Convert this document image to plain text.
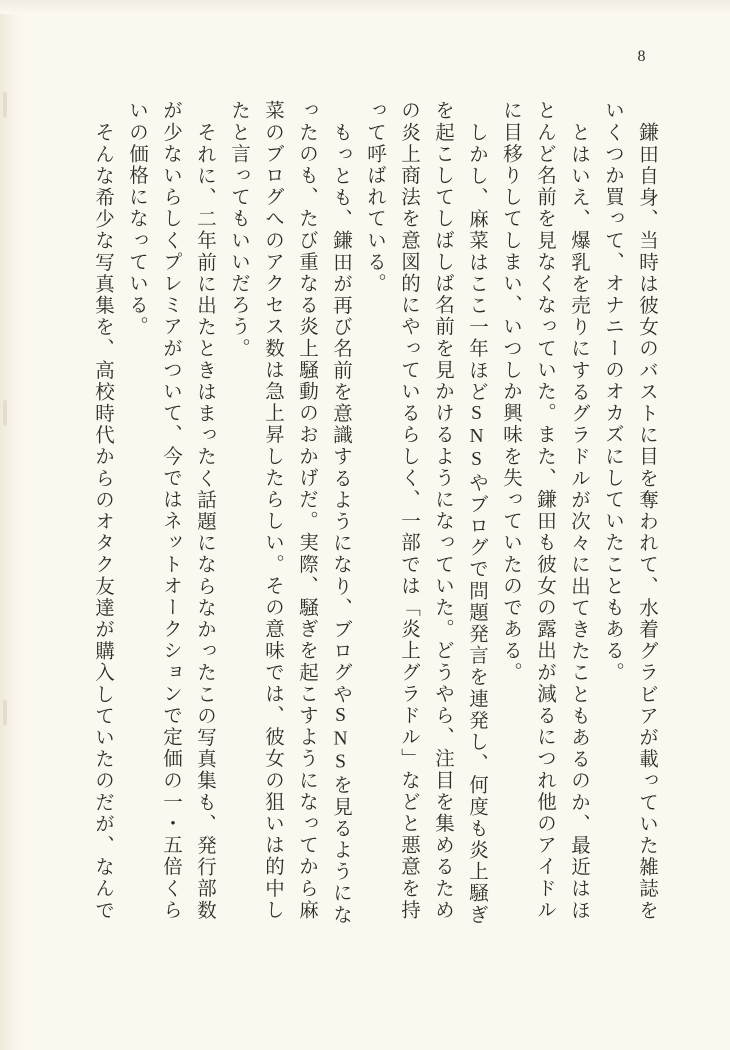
8
鎌田自身、当時は彼女のバストに目を奪われて、水着グラビアが載っていた雑誌を
いくつか買って、オナニーのオカズにしていたこともある。
とはいえ、爆乳を売りにするグラドルが次々に出てきたこともあるのか、最近はほ
とんど名前を見なくなっていた。また、鎌田も彼女の露出が減るにつれ他のアイドル
に目移りしてしまい、いつしか興味を失っていたのである。
しかし、麻菜はここ一年ほどSNSやブログで問題発言を連発し、何度も炎上騒ぎ
を起こしてしばしば名前を見かけるようになっていた。どうやら、注目を集めるため
の炎上商法を意図的にやっているらしく、一部では「炎上グラドル」などと悪意を持
って呼ばれている。
もっとも、鎌田が再び名前を意識するようになり、ブログやSNSを見るようにな
ったのも、たび重なる炎上騒動のおかげだ。実際、騒ぎを起こすようになってから麻
菜のブログへのアクセス数は急上昇したらしい。その意味では、彼女の狙いは的中し
たと言ってもいいだろう。
それに、二年前に出たときはまったく話題にならなかったこの写真集も、発行部数
が少ないらしくプレミアがついて、今ではネットオークションで定価の一・五倍くら
いの価格になっている。
そんな希少な写真集を、高校時代からのオタク友達が購入していたのだが、なんで
